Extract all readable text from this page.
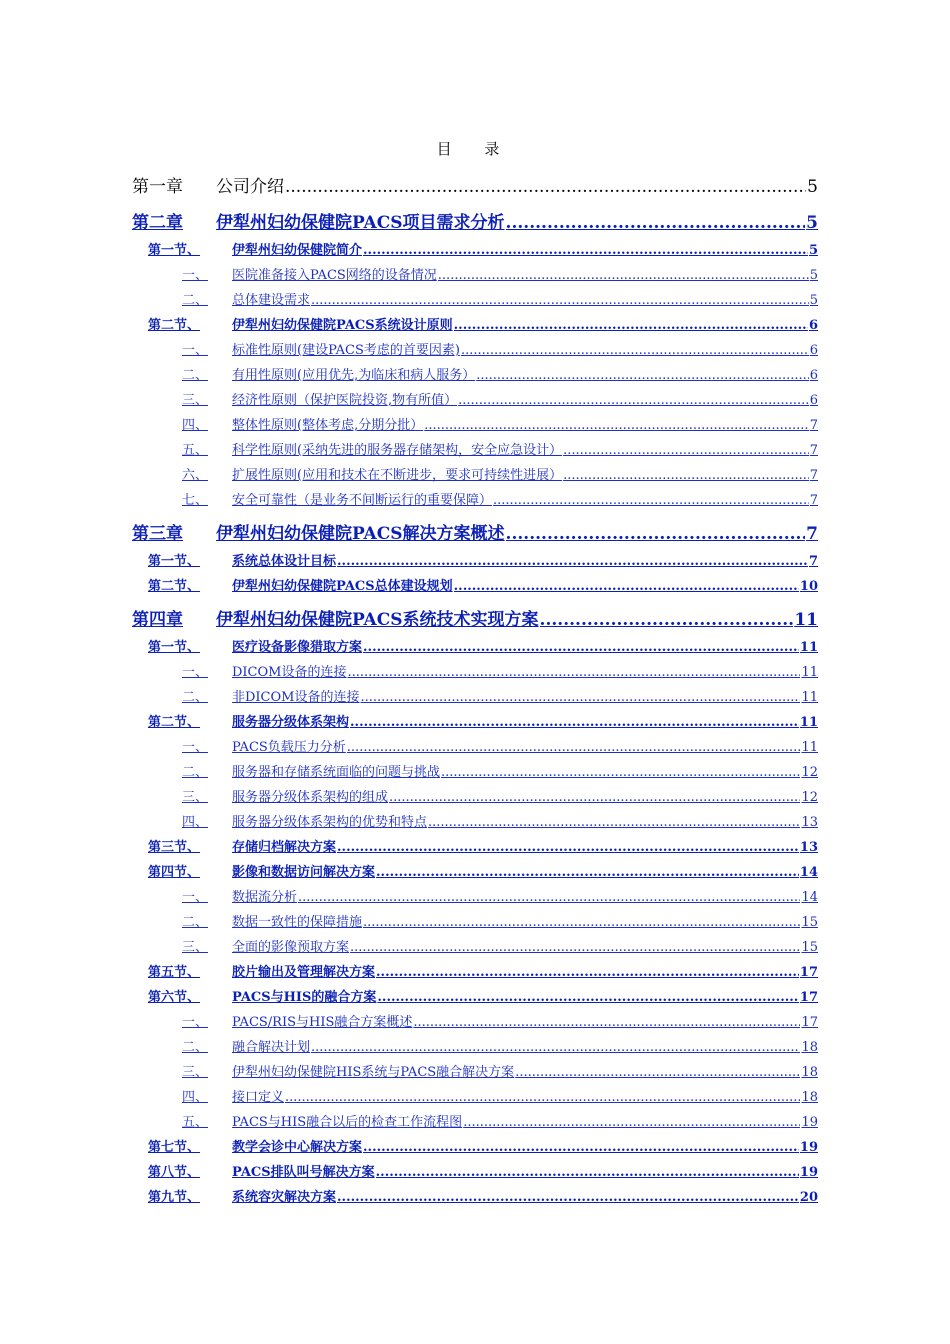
目 录
第一章	公司介绍 .....	5
第二章	伊犁州妇幼保健院PACS项目需求分析 .....	5
第一节、	伊犁州妇幼保健院简介 .....	5
一、	医院准备接入PACS网络的设备情况 .....	5
二、	总体建设需求 .....	5
第二节、	伊犁州妇幼保健院PACS系统设计原则 .....	6
一、	标准性原则(建设PACS考虑的首要因素) .....	6
二、	有用性原则(应用优先,为临床和病人服务） .....	6
三、	经济性原则（保护医院投资,物有所值） .....	6
四、	整体性原则(整体考虑,分期分批） .....	7
五、	科学性原则(采纳先进的服务器存储架构，安全应急设计） .....	7
六、	扩展性原则(应用和技术在不断进步，要求可持续性进展） .....	7
七、	安全可靠性（是业务不间断运行的重要保障） .....	7
第三章	伊犁州妇幼保健院PACS解决方案概述 .....	7
第一节、	系统总体设计目标 .....	7
第二节、	伊犁州妇幼保健院PACS总体建设规划 .....	10
第四章	伊犁州妇幼保健院PACS系统技术实现方案 .....	11
第一节、	医疗设备影像猎取方案 .....	11
一、	DICOM设备的连接 .....	11
二、	非DICOM设备的连接 .....	11
第二节、	服务器分级体系架构 .....	11
一、	PACS负载压力分析 .....	11
二、	服务器和存储系统面临的问题与挑战 .....	12
三、	服务器分级体系架构的组成 .....	12
四、	服务器分级体系架构的优势和特点 .....	13
第三节、	存储归档解决方案 .....	13
第四节、	影像和数据访问解决方案 .....	14
一、	数据流分析 .....	14
二、	数据一致性的保障措施 .....	15
三、	全面的影像预取方案 .....	15
第五节、	胶片输出及管理解决方案 .....	17
第六节、	PACS与HIS的融合方案 .....	17
一、	PACS/RIS与HIS融合方案概述 .....	17
二、	融合解决计划 .....	18
三、	伊犁州妇幼保健院HIS系统与PACS融合解决方案 .....	18
四、	接口定义 .....	18
五、	PACS与HIS融合以后的检查工作流程图 .....	19
第七节、	教学会诊中心解决方案 .....	19
第八节、	PACS排队叫号解决方案 .....	19
第九节、	系统容灾解决方案 .....	20
